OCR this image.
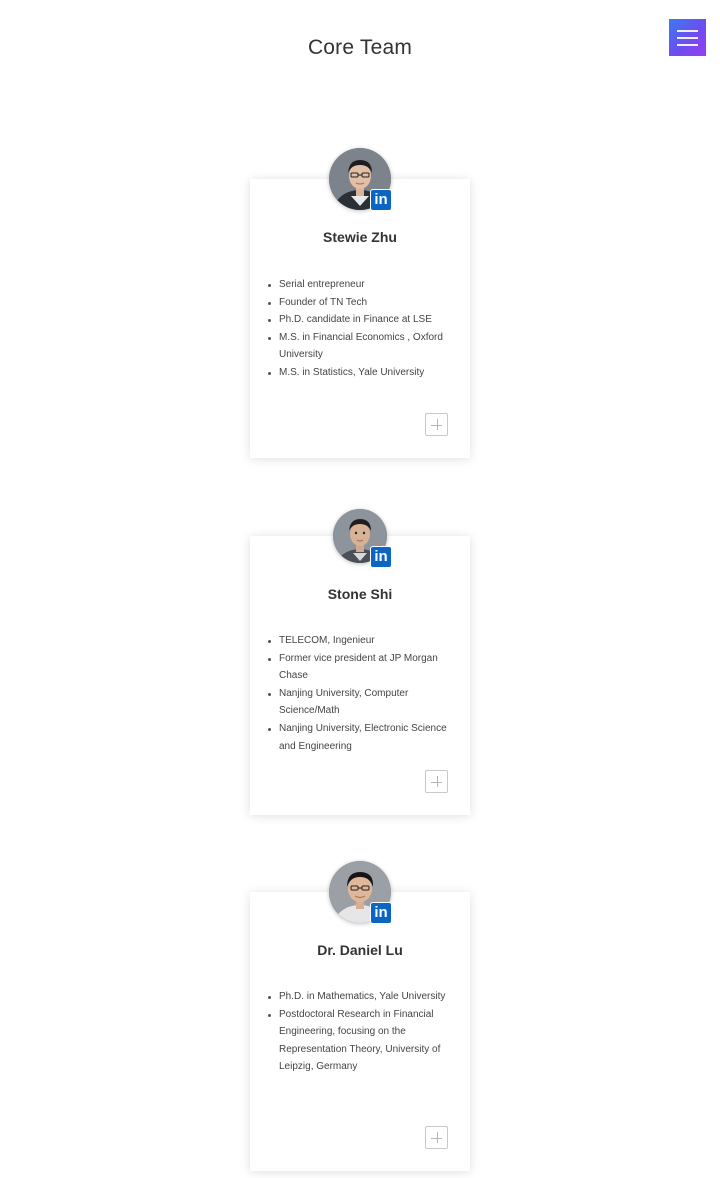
Core Team
in
Stewie Zhu
Serial entrepreneur
Founder of TN Tech
Ph.D. candidate in Finance at LSE
M.S. in Financial Economics , Oxford University
M.S. in Statistics, Yale University
in
Stone Shi
TELECOM, Ingenieur
Former vice president at JP Morgan Chase
Nanjing University, Computer Science/Math
Nanjing University, Electronic Science and Engineering
in
Dr. Daniel Lu
Ph.D. in Mathematics, Yale University
Postdoctoral Research in Financial Engineering, focusing on the Representation Theory, University of Leipzig, Germany
